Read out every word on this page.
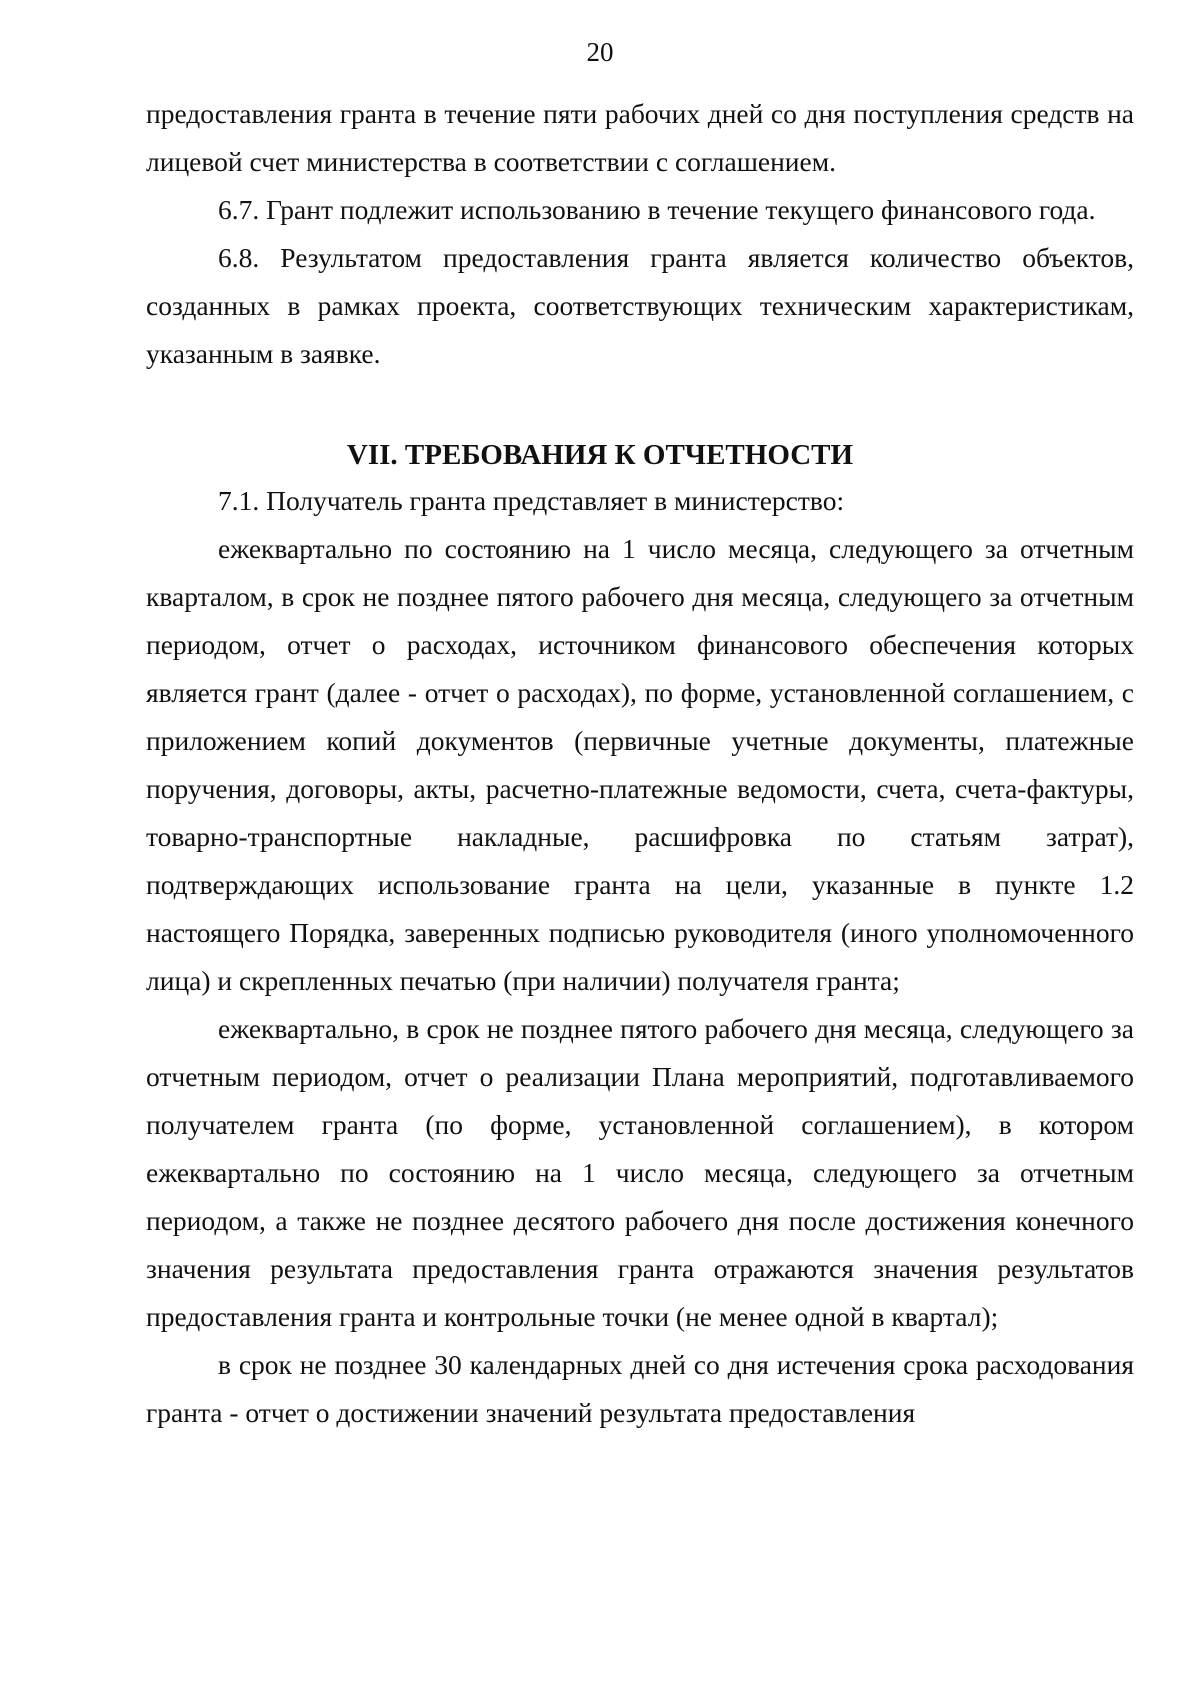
20

предоставления гранта в течение пяти рабочих дней со дня поступления средств на лицевой счет министерства в соответствии с соглашением.

6.7. Грант подлежит использованию в течение текущего финансового года.

6.8. Результатом предоставления гранта является количество объектов, созданных в рамках проекта, соответствующих техническим характеристикам, указанным в заявке.

VII. ТРЕБОВАНИЯ К ОТЧЕТНОСТИ

7.1. Получатель гранта представляет в министерство:

ежеквартально по состоянию на 1 число месяца, следующего за отчетным кварталом, в срок не позднее пятого рабочего дня месяца, следующего за отчетным периодом, отчет о расходах, источником финансового обеспечения которых является грант (далее - отчет о расходах), по форме, установленной соглашением, с приложением копий документов (первичные учетные документы, платежные поручения, договоры, акты, расчетно-платежные ведомости, счета, счета-фактуры, товарно-транспортные накладные, расшифровка по статьям затрат), подтверждающих использование гранта на цели, указанные в пункте 1.2 настоящего Порядка, заверенных подписью руководителя (иного уполномоченного лица) и скрепленных печатью (при наличии) получателя гранта;

ежеквартально, в срок не позднее пятого рабочего дня месяца, следующего за отчетным периодом, отчет о реализации Плана мероприятий, подготавливаемого получателем гранта (по форме, установленной соглашением), в котором ежеквартально по состоянию на 1 число месяца, следующего за отчетным периодом, а также не позднее десятого рабочего дня после достижения конечного значения результата предоставления гранта отражаются значения результатов предоставления гранта и контрольные точки (не менее одной в квартал);

в срок не позднее 30 календарных дней со дня истечения срока расходования гранта - отчет о достижении значений результата предоставления
